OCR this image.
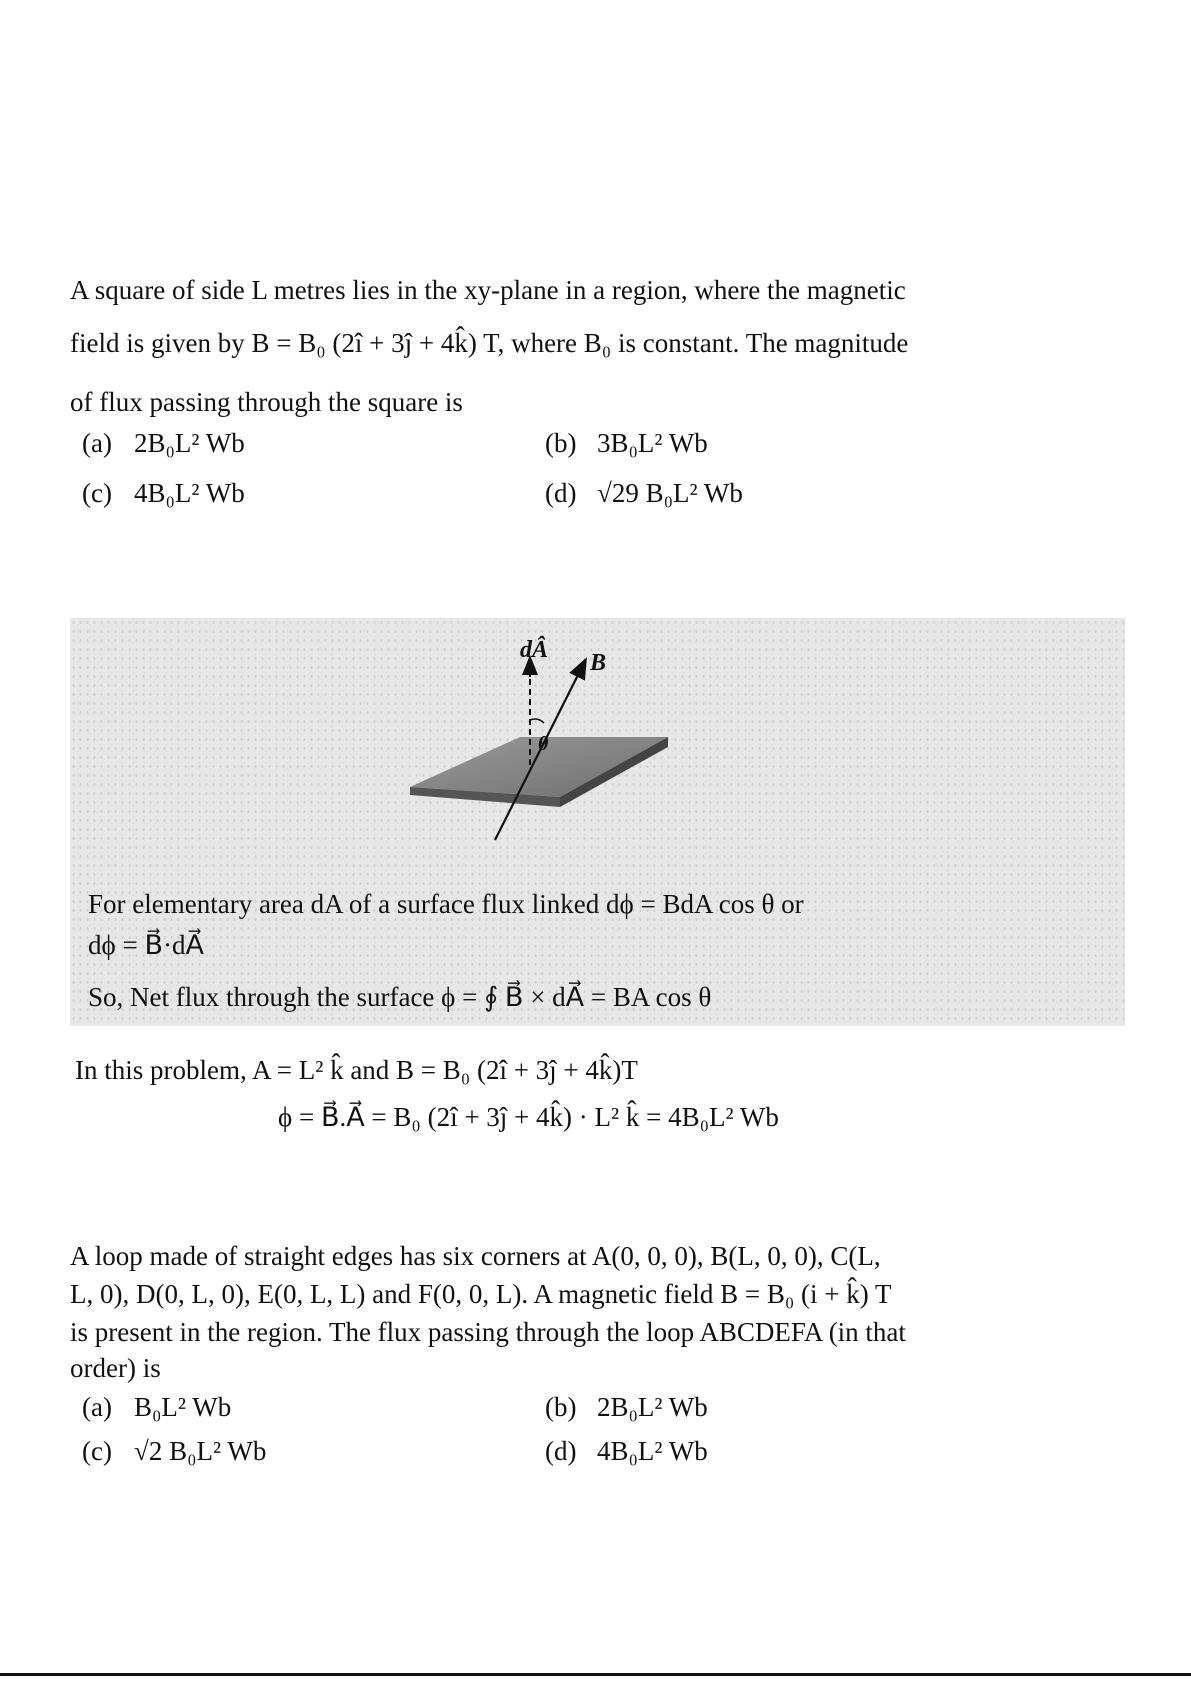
A square of side L metres lies in the xy-plane in a region, where the magnetic
field is given by B = B₀ (2î + 3ĵ + 4k̂) T, where B₀ is constant. The magnitude
of flux passing through the square is
(a) 2B₀L² Wb	(b) 3B₀L² Wb
(c) 4B₀L² Wb	(d) √29 B₀L² Wb
dÂ B⃗
θ
For elementary area dA of a surface flux linked dϕ = BdA cos θ or
dϕ = B⃗·dA⃗
So, Net flux through the surface ϕ = ∮ B⃗ × dA⃗ = BA cos θ
In this problem, A = L² k̂ and B = B₀ (2î + 3ĵ + 4k̂)T
ϕ = B⃗.A⃗ = B₀ (2î + 3ĵ + 4k̂) · L² k̂ = 4B₀L² Wb
A loop made of straight edges has six corners at A(0, 0, 0), B(L, 0, 0), C(L,
L, 0), D(0, L, 0), E(0, L, L) and F(0, 0, L). A magnetic field B = B₀ (i + k̂) T
is present in the region. The flux passing through the loop ABCDEFA (in that
order) is
(a) B₀L² Wb	(b) 2B₀L² Wb
(c) √2 B₀L² Wb	(d) 4B₀L² Wb
